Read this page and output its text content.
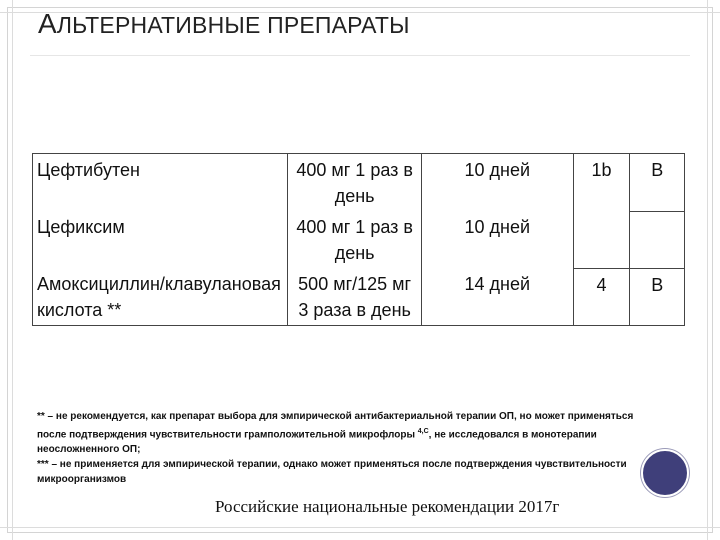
АЛЬТЕРНАТИВНЫЕ ПРЕПАРАТЫ
Цефтибутен	400 мг 1 раз в день	10 дней	1b	B
Цефиксим	400 мг 1 раз в день	10 дней		
Амоксициллин/клавулановая кислота **	500 мг/125 мг 3 раза в день	14 дней	4	B

** – не рекомендуется, как препарат выбора для эмпирической антибактериальной терапии ОП, но может применяться после подтверждения чувствительности грамположительной микрофлоры $^{4,C}$, не исследовался в монотерапии неосложненного ОП;

*** – не применяется для эмпирической терапии, однако может применяться после подтверждения чувствительности микроорганизмов

Российские национальные рекомендации 2017г
